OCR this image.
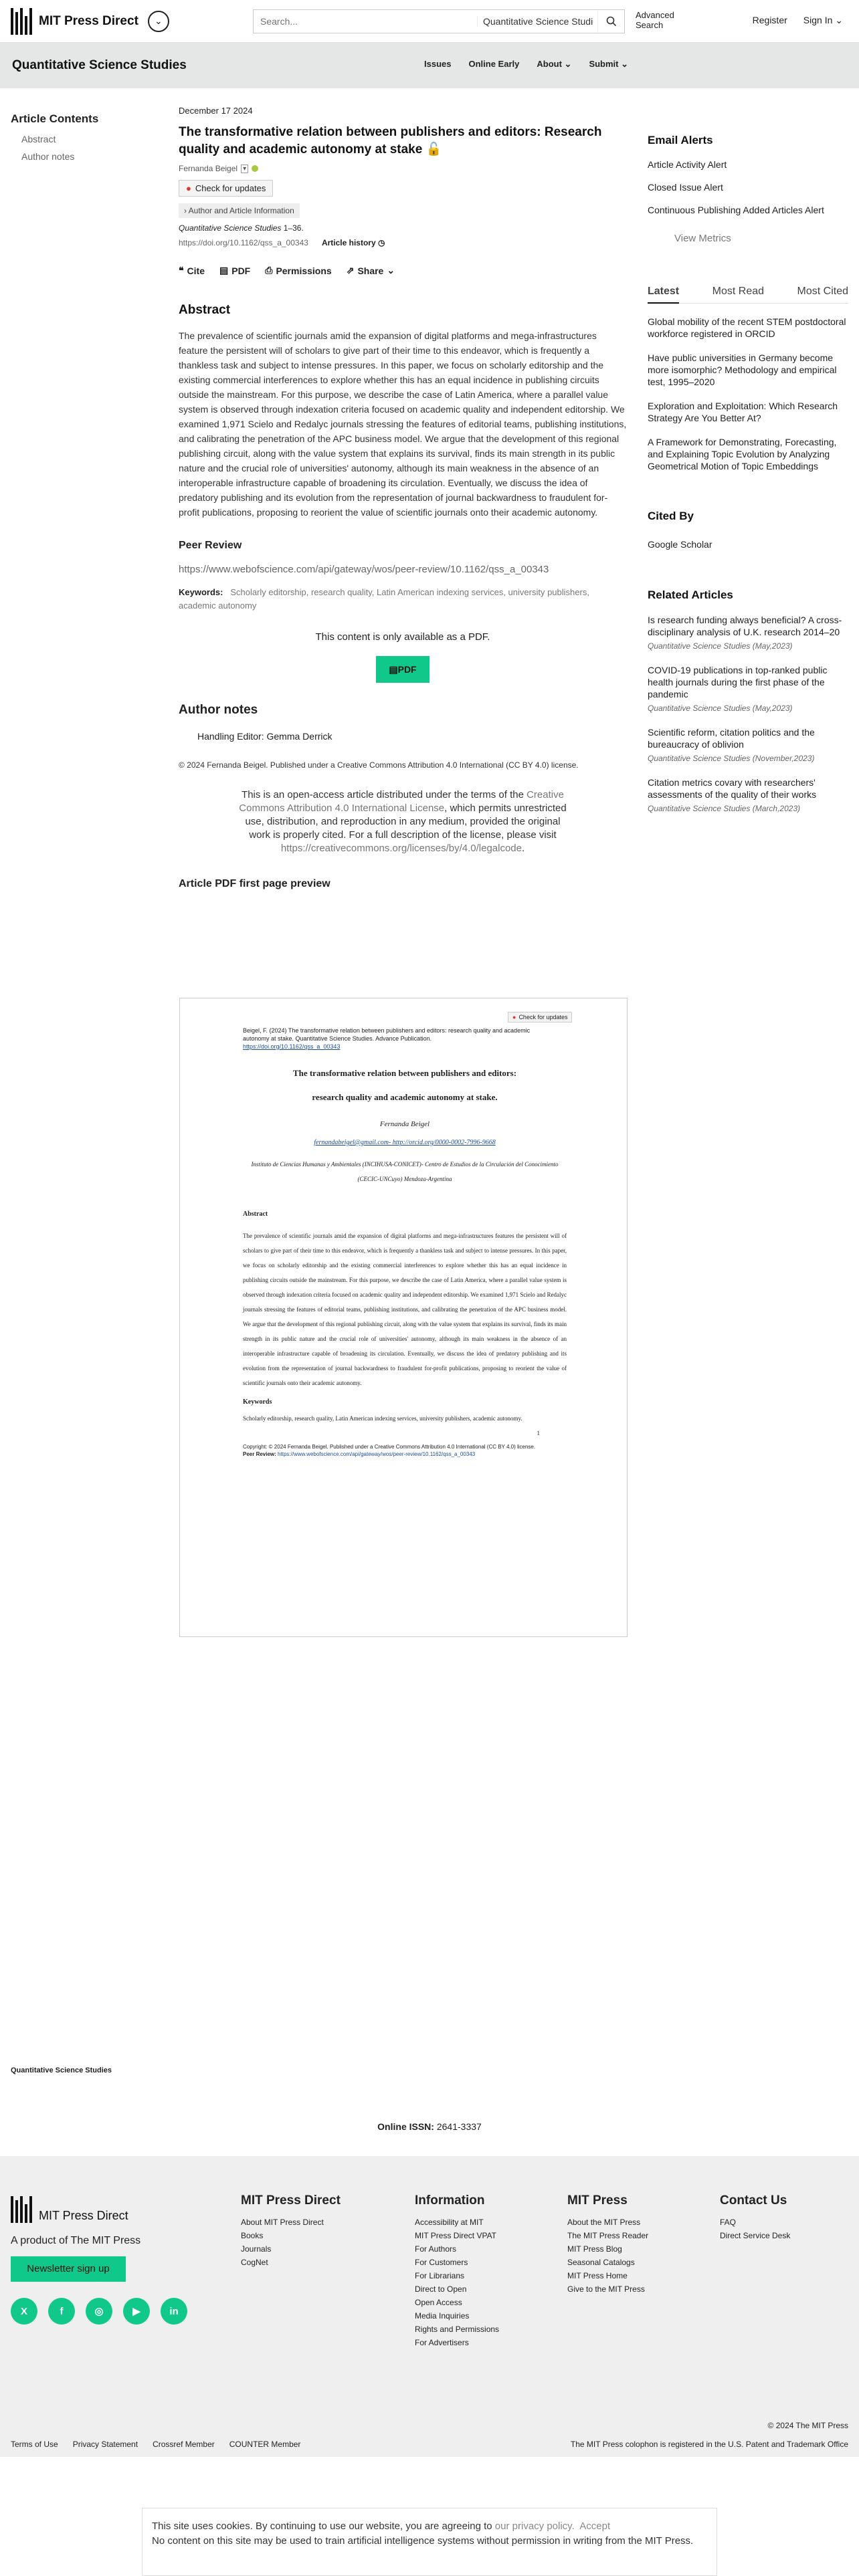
MIT Press Direct	⌄
Search...	Quantitative Science Studi
Advanced Search	Register Sign In ⌄
Quantitative Science Studies	Issues Online Early About ⌄ Submit ⌄
Article Contents
Abstract
Author notes
December 17 2024
The transformative relation between publishers and editors: Research quality and academic autonomy at stake 🔓
Fernanda Beigel ▾
● Check for updates

› Author and Article Information
Quantitative Science Studies 1–36.
https://doi.org/10.1162/qss_a_00343 Article history ◷
❝ Cite ▤ PDF ⎙ Permissions ⇗ Share ⌄
Abstract

The prevalence of scientific journals amid the expansion of digital platforms and mega-infrastructures feature the persistent will of scholars to give part of their time to this endeavor, which is frequently a thankless task and subject to intense pressures. In this paper, we focus on scholarly editorship and the existing commercial interferences to explore whether this has an equal incidence in publishing circuits outside the mainstream. For this purpose, we describe the case of Latin America, where a parallel value system is observed through indexation criteria focused on academic quality and independent editorship. We examined 1,971 Scielo and Redalyc journals stressing the features of editorial teams, publishing institutions, and calibrating the penetration of the APC business model. We argue that the development of this regional publishing circuit, along with the value system that explains its survival, finds its main strength in its public nature and the crucial role of universities' autonomy, although its main weakness in the absence of an interoperable infrastructure capable of broadening its circulation. Eventually, we discuss the idea of predatory publishing and its evolution from the representation of journal backwardness to fraudulent for-profit publications, proposing to reorient the value of scientific journals onto their academic autonomy.

Peer Review
https://www.webofscience.com/api/gateway/wos/peer-review/10.1162/qss_a_00343
Keywords: Scholarly editorship, research quality, Latin American indexing services, university publishers, academic autonomy
This content is only available as a PDF.
▤PDF
Author notes
Handling Editor: Gemma Derrick
© 2024 Fernanda Beigel. Published under a Creative Commons Attribution 4.0 International (CC BY 4.0) license.
This is an open-access article distributed under the terms of the Creative Commons Attribution 4.0 International License, which permits unrestricted use, distribution, and reproduction in any medium, provided the original work is properly cited. For a full description of the license, please visit https://creativecommons.org/licenses/by/4.0/legalcode.
Article PDF first page preview
● Check for updates
Beigel, F. (2024) The transformative relation between publishers and editors: research quality and academic autonomy at stake. Quantitative Science Studies. Advance Publication.
https://doi.org/10.1162/qss_a_00343
The transformative relation between publishers and editors:
research quality and academic autonomy at stake.
Fernanda Beigel
fernandabeigel@gmail.com- http://orcid.org/0000-0002-7996-9668
Instituto de Ciencias Humanas y Ambientales (INCIHUSA-CONICET)- Centro de Estudios de la Circulación del Conocimiento (CECIC-UNCuyo) Mendoza-Argentina
Abstract
The prevalence of scientific journals amid the expansion of digital platforms and mega-infrastructures features the persistent will of scholars to give part of their time to this endeavor, which is frequently a thankless task and subject to intense pressures. In this paper, we focus on scholarly editorship and the existing commercial interferences to explore whether this has an equal incidence in publishing circuits outside the mainstream. For this purpose, we describe the case of Latin America, where a parallel value system is observed through indexation criteria focused on academic quality and independent editorship. We examined 1,971 Scielo and Redalyc journals stressing the features of editorial teams, publishing institutions, and calibrating the penetration of the APC business model. We argue that the development of this regional publishing circuit, along with the value system that explains its survival, finds its main strength in its public nature and the crucial role of universities' autonomy, although its main weakness in the absence of an interoperable infrastructure capable of broadening its circulation. Eventually, we discuss the idea of predatory publishing and its evolution from the representation of journal backwardness to fraudulent for-profit publications, proposing to reorient the value of scientific journals onto their academic autonomy.
Keywords
Scholarly editorship, research quality, Latin American indexing services, university publishers, academic autonomy.
1
Copyright: © 2024 Fernanda Beigel. Published under a Creative Commons Attribution 4.0 International (CC BY 4.0) license.
Peer Review: https://www.webofscience.com/api/gateway/wos/peer-review/10.1162/qss_a_00343
Email Alerts
Article Activity Alert
Closed Issue Alert
Continuous Publishing Added Articles Alert
View Metrics
Latest	Most Read	Most Cited
Global mobility of the recent STEM postdoctoral workforce registered in ORCID
Have public universities in Germany become more isomorphic? Methodology and empirical test, 1995–2020
Exploration and Exploitation: Which Research Strategy Are You Better At?
A Framework for Demonstrating, Forecasting, and Explaining Topic Evolution by Analyzing Geometrical Motion of Topic Embeddings
Cited By
Google Scholar
Related Articles
Is research funding always beneficial? A cross-disciplinary analysis of U.K. research 2014–20
Quantitative Science Studies (May,2023)
COVID-19 publications in top-ranked public health journals during the first phase of the pandemic
Quantitative Science Studies (May,2023)
Scientific reform, citation politics and the bureaucracy of oblivion
Quantitative Science Studies (November,2023)
Citation metrics covary with researchers' assessments of the quality of their works
Quantitative Science Studies (March,2023)
Quantitative Science Studies
Online ISSN: 2641-3337
MIT Press Direct
A product of The MIT Press
Newsletter sign up
X	f	◎	▶	in
MIT Press Direct
About MIT Press Direct
Books
Journals
CogNet
Information
Accessibility at MIT
MIT Press Direct VPAT
For Authors
For Customers
For Librarians
Direct to Open
Open Access
Media Inquiries
Rights and Permissions
For Advertisers
MIT Press
About the MIT Press
The MIT Press Reader
MIT Press Blog
Seasonal Catalogs
MIT Press Home
Give to the MIT Press
Contact Us
FAQ
Direct Service Desk
© 2024 The MIT Press
Terms of Use Privacy Statement Crossref Member COUNTER Member	The MIT Press colophon is registered in the U.S. Patent and Trademark Office
This site uses cookies. By continuing to use our website, you are agreeing to our privacy policy. Accept
No content on this site may be used to train artificial intelligence systems without permission in writing from the MIT Press.
